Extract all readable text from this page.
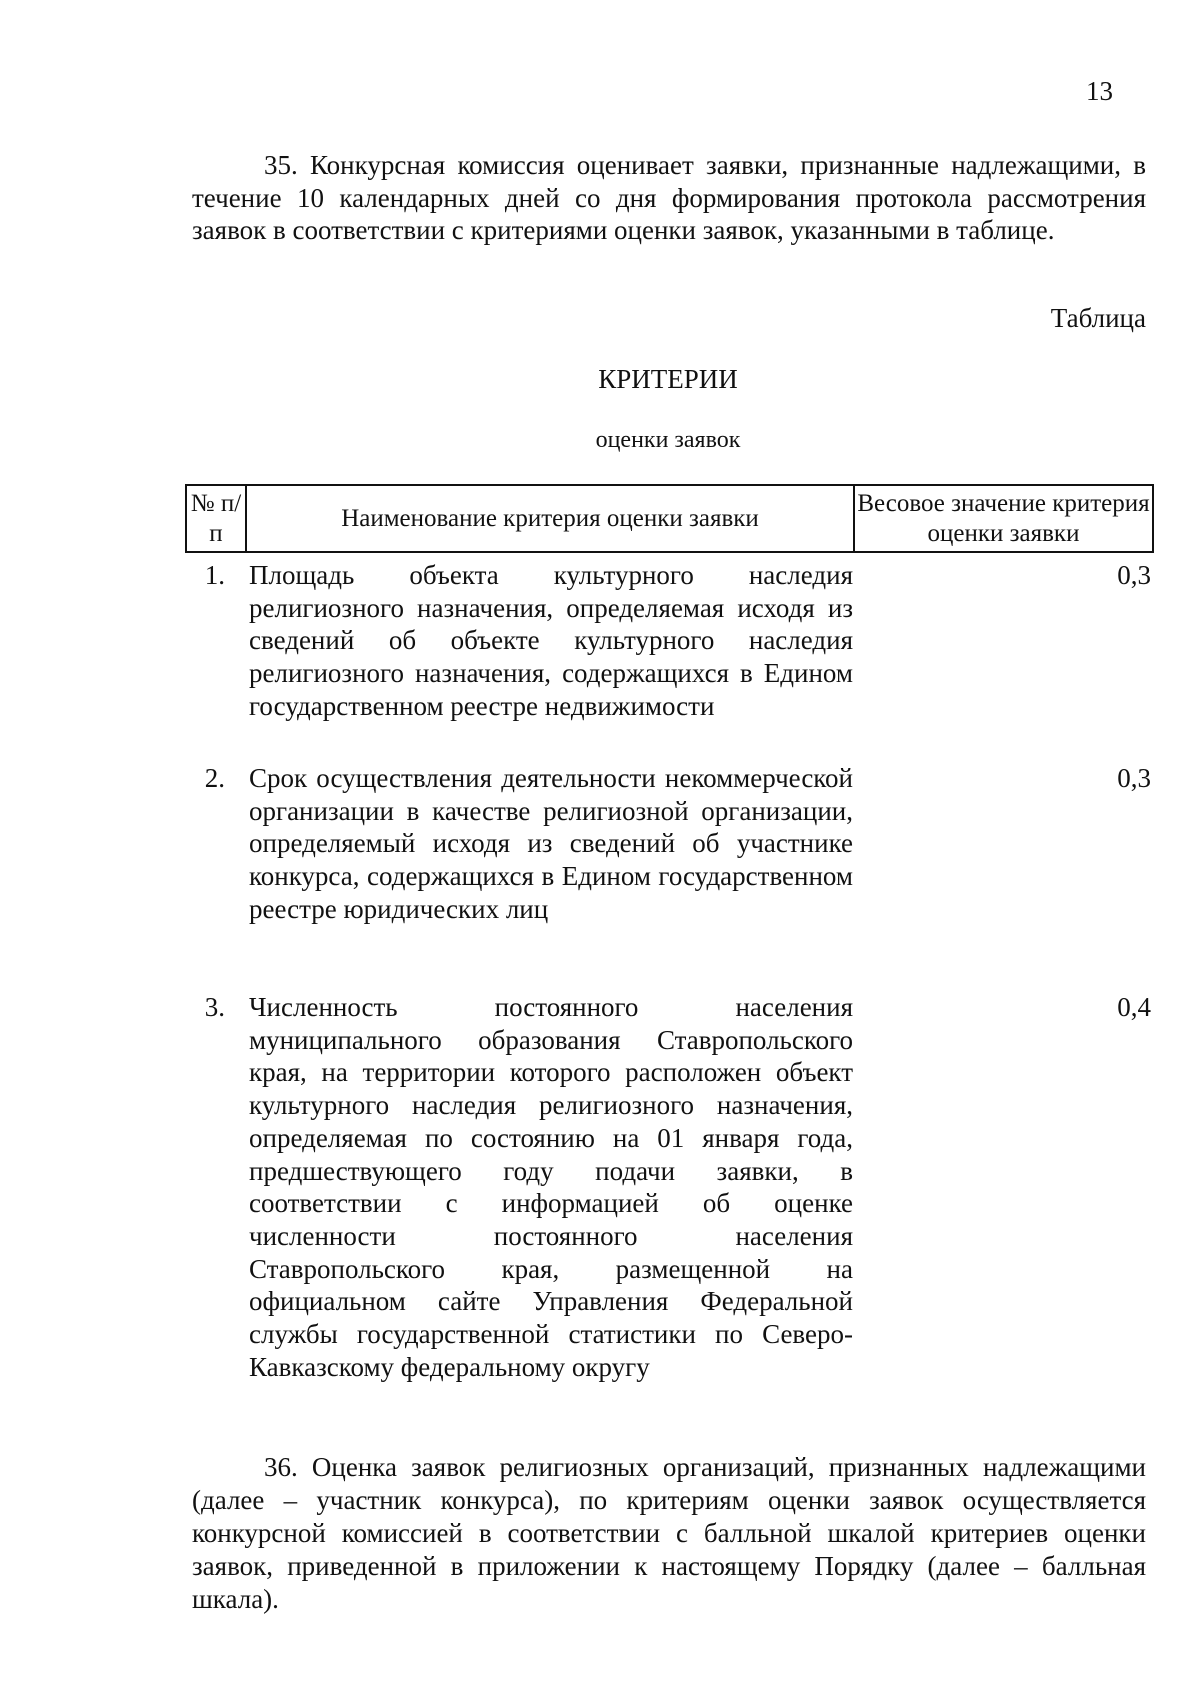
13

35. Конкурсная комиссия оценивает заявки, признанные надлежащими, в течение 10 календарных дней со дня формирования протокола рассмотрения заявок в соответствии с критериями оценки заявок, указанными в таблице.

Таблица
КРИТЕРИИ
оценки заявок
№ п/п
Наименование критерия оценки заявки
Весовое значение критерия оценки заявки
1. Площадь объекта культурного наследия религиозного назначения, определяемая исходя из сведений об объекте культурного наследия религиозного назначения, содержащихся в Едином государственном реестре недвижимости
0,3
2. Срок осуществления деятельности некоммерческой организации в качестве религиозной организации, определяемый исходя из сведений об участнике конкурса, содержащихся в Едином государственном реестре юридических лиц
0,3
3. Численность постоянного населения муниципального образования Ставропольского края, на территории которого расположен объект культурного наследия религиозного назначения, определяемая по состоянию на 01 января года, предшествующего году подачи заявки, в соответствии с информацией об оценке численности постоянного населения Ставропольского края, размещенной на официальном сайте Управления Федеральной службы государственной статистики по Северо-Кавказскому федеральному округу
0,4

36. Оценка заявок религиозных организаций, признанных надлежащими (далее – участник конкурса), по критериям оценки заявок осуществляется конкурсной комиссией в соответствии с балльной шкалой критериев оценки заявок, приведенной в приложении к настоящему Порядку (далее – балльная шкала).
